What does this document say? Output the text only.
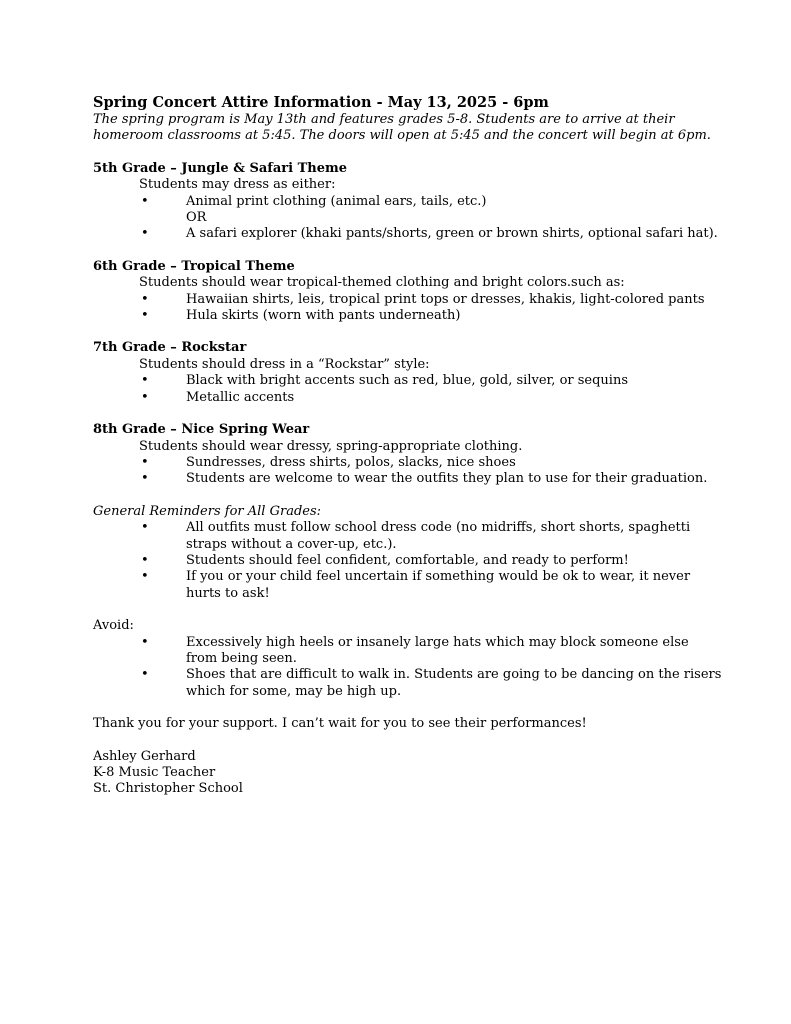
Spring Concert Attire Information - May 13, 2025 - 6pm

The spring program is May 13th and features grades 5-8. Students are to arrive at their homeroom classrooms at 5:45. The doors will open at 5:45 and the concert will begin at 6pm.

5th Grade – Jungle & Safari Theme

Students may dress as either:

•	Animal print clothing (animal ears, tails, etc.)
OR
•	A safari explorer (khaki pants/shorts, green or brown shirts, optional safari hat).

6th Grade – Tropical Theme

Students should wear tropical-themed clothing and bright colors.such as:

•	Hawaiian shirts, leis, tropical print tops or dresses, khakis, light-colored pants
•	Hula skirts (worn with pants underneath)

7th Grade – Rockstar

Students should dress in a “Rockstar” style:

•	Black with bright accents such as red, blue, gold, silver, or sequins
•	Metallic accents

8th Grade – Nice Spring Wear

Students should wear dressy, spring-appropriate clothing.

•	Sundresses, dress shirts, polos, slacks, nice shoes
•	Students are welcome to wear the outfits they plan to use for their graduation.

General Reminders for All Grades:

•	All outfits must follow school dress code (no midriffs, short shorts, spaghetti straps without a cover-up, etc.).
•	Students should feel confident, comfortable, and ready to perform!
•	If you or your child feel uncertain if something would be ok to wear, it never hurts to ask!

Avoid:

•	Excessively high heels or insanely large hats which may block someone else from being seen.
•	Shoes that are difficult to walk in. Students are going to be dancing on the risers which for some, may be high up.

Thank you for your support. I can’t wait for you to see their performances!

Ashley Gerhard

K-8 Music Teacher

St. Christopher School
